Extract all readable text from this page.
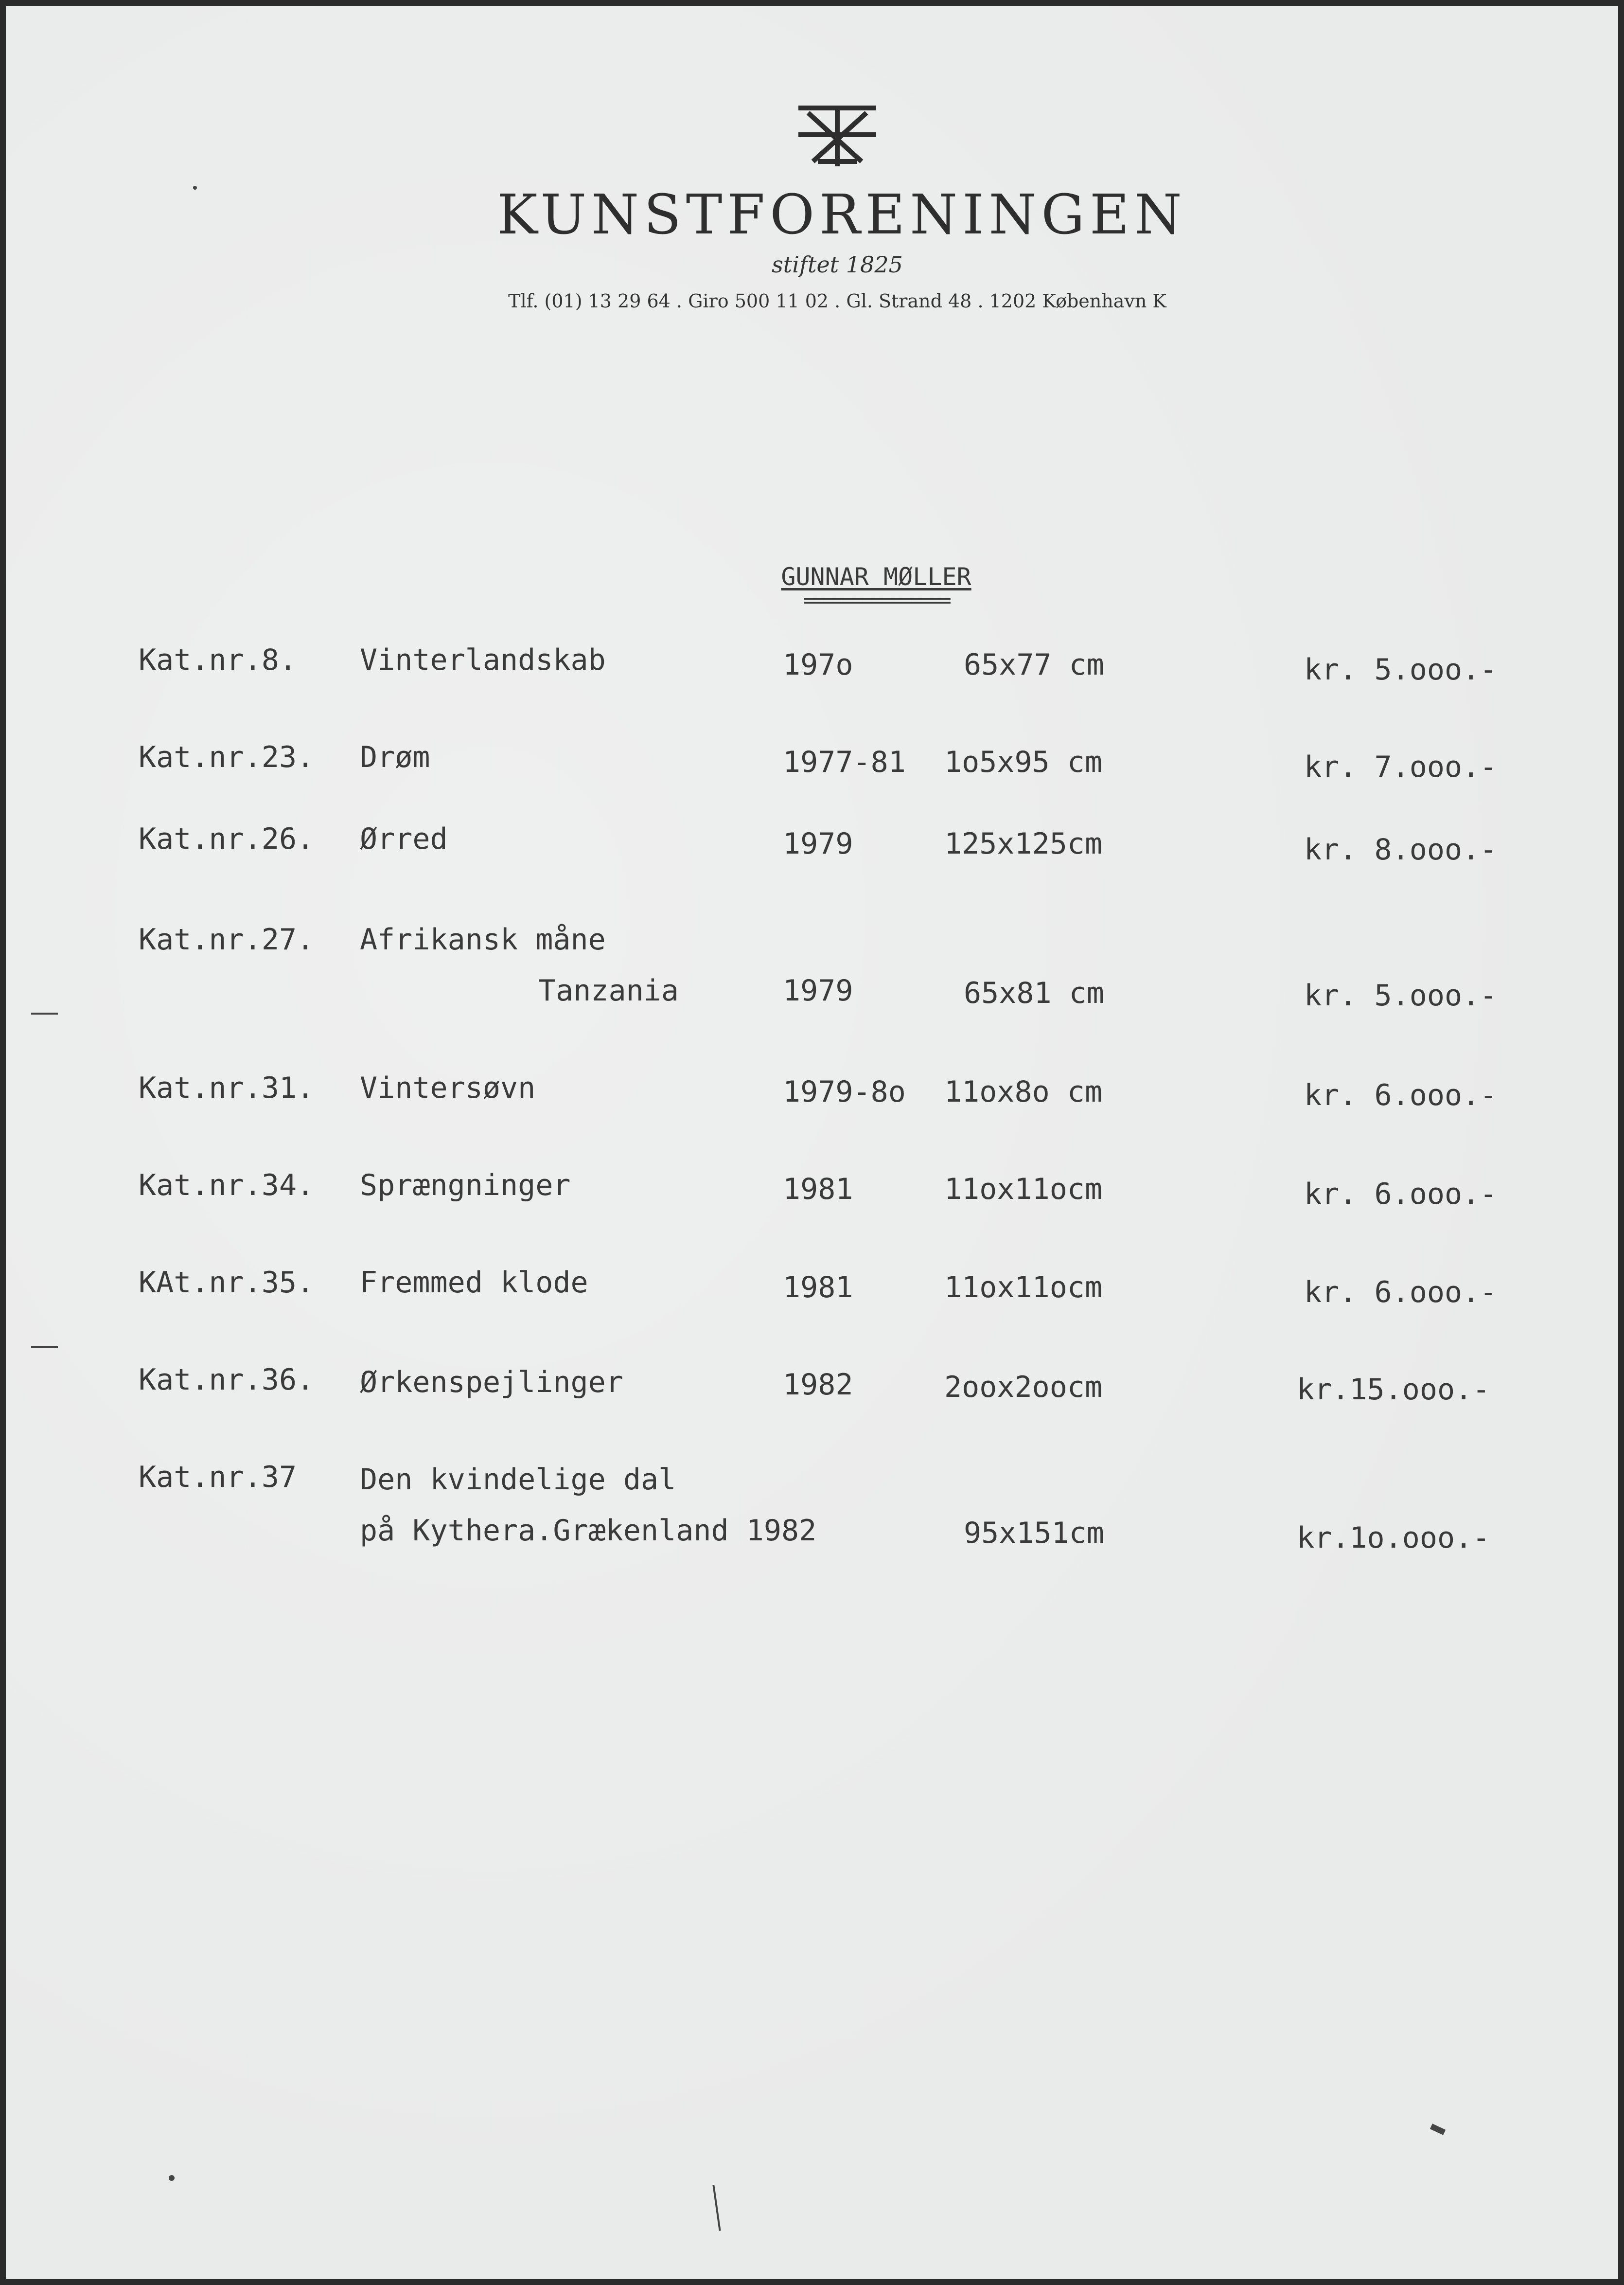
KUNSTFORENINGEN
stiftet 1825
Tlf. (01) 13 29 64 . Giro 500 11 02 . Gl. Strand 48 . 1202 København K
GUNNAR MØLLER
===============
Kat.nr.8. Vinterlandskab	197o	65x77 cm	kr. 5.ooo.-
Kat.nr.23. Drøm	1977-81 1o5x95 cm	kr. 7.ooo.-
Kat.nr.26. Ørred	1979	125x125cm	kr. 8.ooo.-
Kat.nr.27. Afrikansk måne
Tanzania	1979	65x81 cm	kr. 5.ooo.-
Kat.nr.31. Vintersøvn	1979-8o 11ox8o cm	kr. 6.ooo.-
Kat.nr.34. Sprængninger	1981	11ox11ocm	kr. 6.ooo.-
KAt.nr.35. Fremmed klode	1981	11ox11ocm	kr. 6.ooo.-
Kat.nr.36. Ørkenspejlinger	1982	2oox2oocm	kr.15.ooo.-
Kat.nr.37 Den kvindelige dal
på Kythera.Grækenland 1982	95x151cm	kr.1o.ooo.-
